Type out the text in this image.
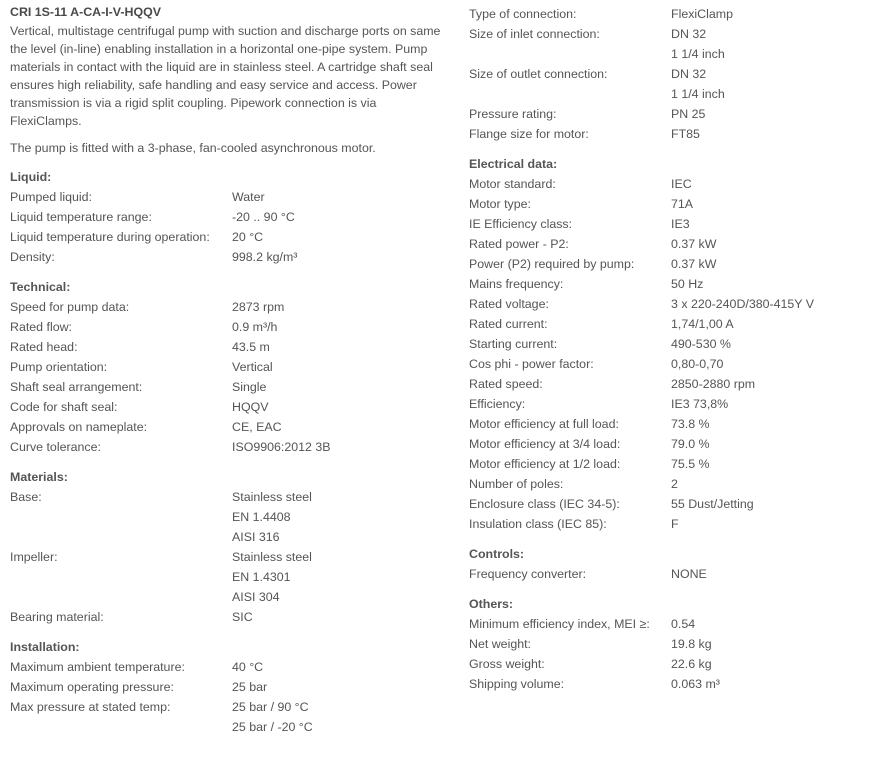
CRI 1S-11 A-CA-I-V-HQQV

Vertical, multistage centrifugal pump with suction and discharge ports on same the level (in-line) enabling installation in a horizontal one-pipe system. Pump materials in contact with the liquid are in stainless steel. A cartridge shaft seal ensures high reliability, safe handling and easy service and access. Power transmission is via a rigid split coupling. Pipework connection is via FlexiClamps.

The pump is fitted with a 3-phase, fan-cooled asynchronous motor.

Liquid:
Pumped liquid:	Water
Liquid temperature range:	-20 .. 90 °C
Liquid temperature during operation:	20 °C
Density:	998.2 kg/m³
Technical:
Speed for pump data:	2873 rpm
Rated flow:	0.9 m³/h
Rated head:	43.5 m
Pump orientation:	Vertical
Shaft seal arrangement:	Single
Code for shaft seal:	HQQV
Approvals on nameplate:	CE, EAC
Curve tolerance:	ISO9906:2012 3B
Materials:
Base:	Stainless steel
EN 1.4408
AISI 316
Impeller:	Stainless steel
EN 1.4301
AISI 304
Bearing material:	SIC
Installation:
Maximum ambient temperature:	40 °C
Maximum operating pressure:	25 bar
Max pressure at stated temp:	25 bar / 90 °C
25 bar / -20 °C
Type of connection:	FlexiClamp
Size of inlet connection:	DN 32
1 1/4 inch
Size of outlet connection:	DN 32
1 1/4 inch
Pressure rating:	PN 25
Flange size for motor:	FT85
Electrical data:
Motor standard:	IEC
Motor type:	71A
IE Efficiency class:	IE3
Rated power - P2:	0.37 kW
Power (P2) required by pump:	0.37 kW
Mains frequency:	50 Hz
Rated voltage:	3 x 220-240D/380-415Y V
Rated current:	1,74/1,00 A
Starting current:	490-530 %
Cos phi - power factor:	0,80-0,70
Rated speed:	2850-2880 rpm
Efficiency:	IE3 73,8%
Motor efficiency at full load:	73.8 %
Motor efficiency at 3/4 load:	79.0 %
Motor efficiency at 1/2 load:	75.5 %
Number of poles:	2
Enclosure class (IEC 34-5):	55 Dust/Jetting
Insulation class (IEC 85):	F
Controls:
Frequency converter:	NONE
Others:
Minimum efficiency index, MEI ≥:	0.54
Net weight:	19.8 kg
Gross weight:	22.6 kg
Shipping volume:	0.063 m³
